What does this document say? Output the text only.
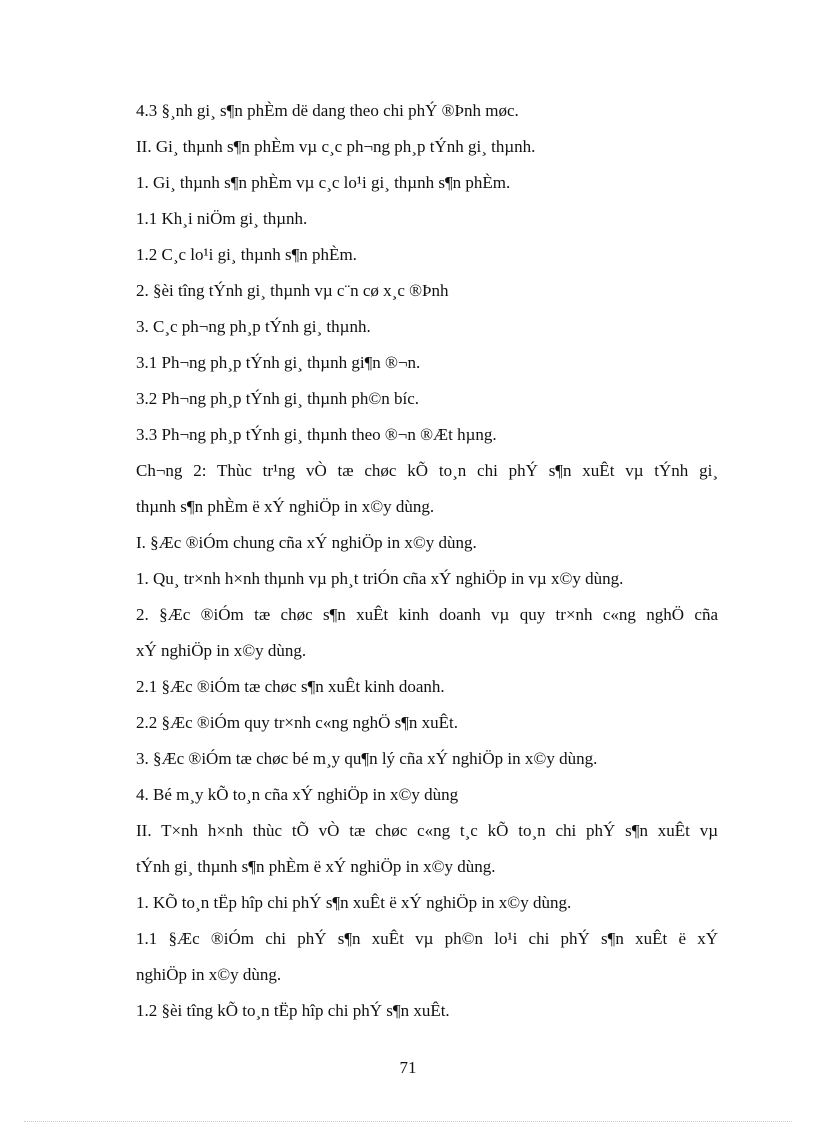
4.3 §¸nh gi¸ s¶n phÈm dë dang theo chi phÝ ®Þnh møc.

II. Gi¸ thµnh s¶n phÈm vµ c¸c ph¬ng ph¸p tÝnh gi¸ thµnh.

1. Gi¸ thµnh s¶n phÈm vµ c¸c lo¹i gi¸ thµnh s¶n phÈm.

1.1 Kh¸i niÖm gi¸ thµnh.

1.2 C¸c lo¹i gi¸ thµnh s¶n phÈm.

2. §èi tîng tÝnh gi¸ thµnh vµ c¨n cø x¸c ®Þnh

3. C¸c ph¬ng ph¸p tÝnh gi¸ thµnh.

3.1 Ph¬ng ph¸p tÝnh gi¸ thµnh gi¶n ®¬n.

3.2 Ph¬ng ph¸p tÝnh gi¸ thµnh ph©n bíc.

3.3 Ph¬ng ph¸p tÝnh gi¸ thµnh theo ®¬n ®Æt hµng.

Ch¬ng 2: Thùc tr¹ng vÒ tæ chøc kÕ to¸n chi phÝ s¶n xuÊt vµ tÝnh gi¸

thµnh s¶n phÈm ë xÝ nghiÖp in x©y dùng.

I. §Æc ®iÓm chung cña xÝ nghiÖp in x©y dùng.

1. Qu¸ tr×nh h×nh thµnh vµ ph¸t triÓn cña xÝ nghiÖp in vµ x©y dùng.

2. §Æc ®iÓm tæ chøc s¶n xuÊt kinh doanh vµ quy tr×nh c«ng nghÖ cña

xÝ nghiÖp in x©y dùng.

2.1 §Æc ®iÓm tæ chøc s¶n xuÊt kinh doanh.

2.2 §Æc ®iÓm quy tr×nh c«ng nghÖ s¶n xuÊt.

3. §Æc ®iÓm tæ chøc bé m¸y qu¶n lý cña xÝ nghiÖp in x©y dùng.

4. Bé m¸y kÕ to¸n cña xÝ nghiÖp in x©y dùng

II. T×nh h×nh thùc tÕ vÒ tæ chøc c«ng t¸c kÕ to¸n chi phÝ s¶n xuÊt vµ

tÝnh gi¸ thµnh s¶n phÈm ë xÝ nghiÖp in x©y dùng.

1. KÕ to¸n tËp hîp chi phÝ s¶n xuÊt ë xÝ nghiÖp in x©y dùng.

1.1 §Æc ®iÓm chi phÝ s¶n xuÊt vµ ph©n lo¹i chi phÝ s¶n xuÊt ë xÝ

nghiÖp in x©y dùng.

1.2 §èi tîng kÕ to¸n tËp hîp chi phÝ s¶n xuÊt.

71
